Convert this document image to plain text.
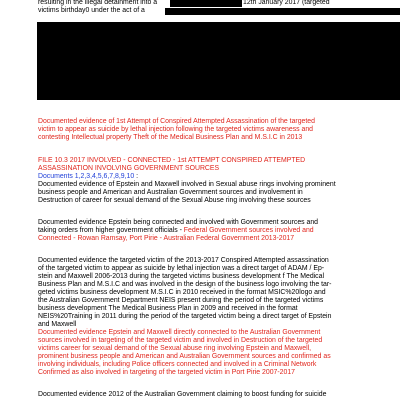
resulting in the illegal detainment into a	12th January 2017 (targeted
victims birthday0 under the act of a
Documented evidence of 1st Attempt of Conspired Attempted Assassination of the targeted
victim to appear as suicide by lethal injection following the targeted victims awareness and
contesting Intellectual property Theft of the Medical Business Plan and M.S.I.C in 2013
FILE 10.3 2017 INVOLVED - CONNECTED - 1st ATTEMPT CONSPIRED ATTEMPTED
ASSASSINATION INVOLVING GOVERNMENT SOURCES
Documents 1,2,3,4,5,6,7,8,9,10 :
Documented evidence of Epstein and Maxwell involved in Sexual abuse rings involving prominent
business people and American and Australian Government sources and involvement in
Destruction of career for sexual demand of the Sexual Abuse ring involving these sources
Documented evidence Epstein being connected and involved with Government sources and
taking orders from higher government officials - Federal Government sources involved and
Connected - Rowan Ramsay, Port Pirie - Australian Federal Government 2013-2017
Documented evidence the targeted victim of the 2013-2017 Conspired Attempted assassination
of the targeted victim to appear as suicide by lethal injection was a direct target of ADAM / Ep-
stein and Maxwell 2006-2013 during the targeted victims business development f The Medical
Business Plan and M.S.I.C and was involved in the design of the business logo involving the tar-
geted victims business development M.S.I.C in 2010 received in the format MSIC%20logo and
the Australian Government Department NEIS present during the period of the targeted victims
business development The Medical Business Plan in 2009 and received in the format
NEIS%20Training in 2011 during the period of the targeted victim being a direct target of Epstein
and Maxwell
Documented evidence Epstein and Maxwell directly connected to the Australian Government
sources involved in targeting of the targeted victim and involved in Destruction of the targeted
victims career for sexual demand of the Sexual abuse ring involving Epstein and Maxwell,
prominent business people and American and Australian Government sources and confirmed as
involving individuals, including Police officers connected and involved in a Criminal Network
Confirmed as also involved in targeting of the targeted victim in Port Pirie 2007-2017
Documented evidence 2012 of the Australian Government claiming to boost funding for suicide
